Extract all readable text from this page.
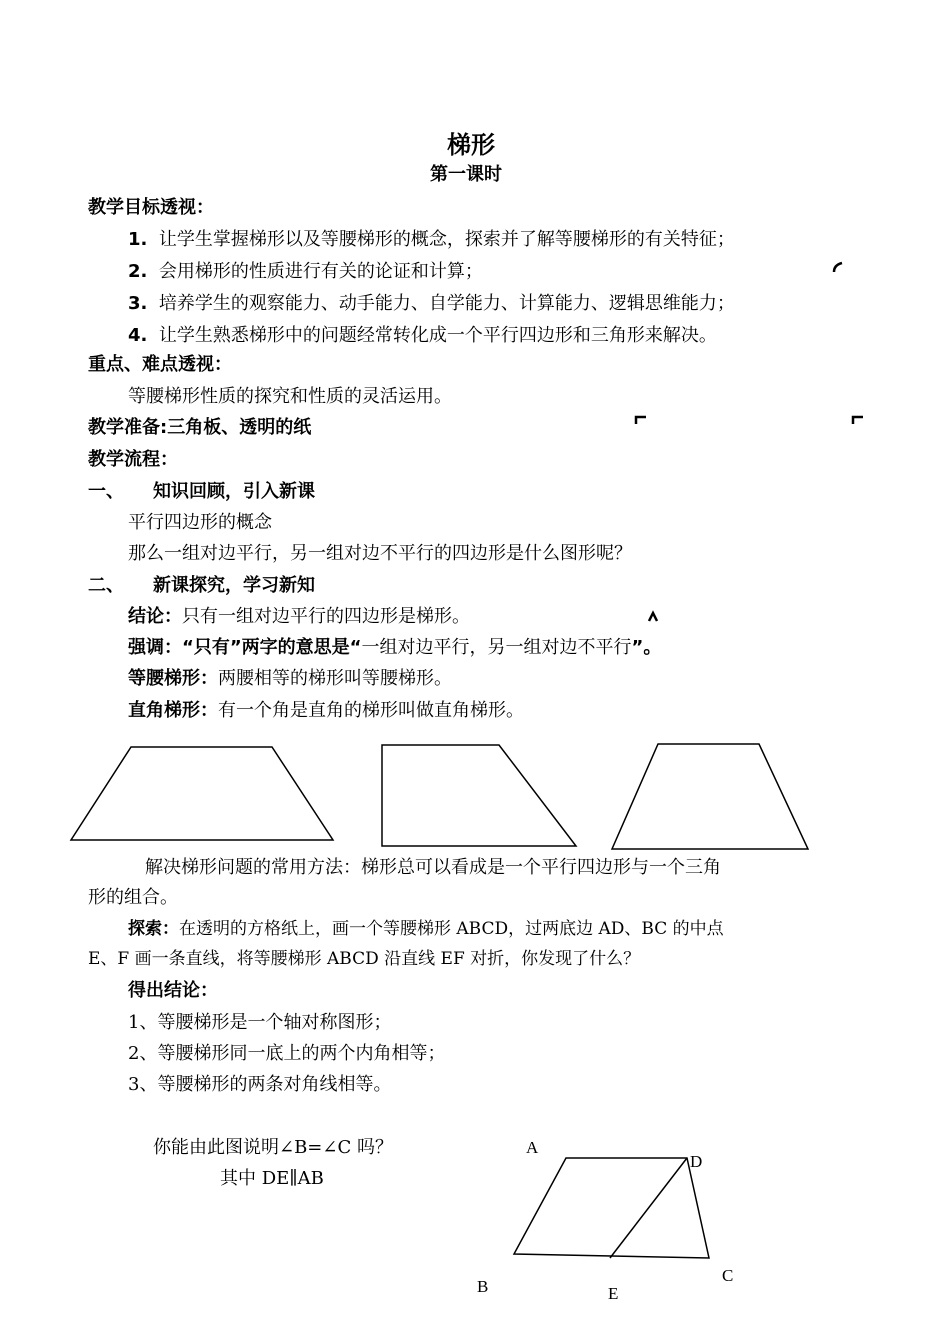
梯形
第一课时
教学目标透视：
1. 让学生掌握梯形以及等腰梯形的概念，探索并了解等腰梯形的有关特征；
2. 会用梯形的性质进行有关的论证和计算；
3. 培养学生的观察能力、动手能力、自学能力、计算能力、逻辑思维能力；
4. 让学生熟悉梯形中的问题经常转化成一个平行四边形和三角形来解决。
重点、难点透视：
等腰梯形性质的探究和性质的灵活运用。
教学准备:三角板、透明的纸
教学流程：
一、 知识回顾，引入新课
平行四边形的概念
那么一组对边平行，另一组对边不平行的四边形是什么图形呢？
二、 新课探究，学习新知
结论：只有一组对边平行的四边形是梯形。
强调：“只有”两字的意思是“一组对边平行，另一组对边不平行”。
等腰梯形：两腰相等的梯形叫等腰梯形。
直角梯形：有一个角是直角的梯形叫做直角梯形。
解决梯形问题的常用方法：梯形总可以看成是一个平行四边形与一个三角
形的组合。
探索：在透明的方格纸上，画一个等腰梯形 ABCD，过两底边 AD、BC 的中点
E、F 画一条直线，将等腰梯形 ABCD 沿直线 EF 对折，你发现了什么？
得出结论：
1、等腰梯形是一个轴对称图形；
2、等腰梯形同一底上的两个内角相等；
3、等腰梯形的两条对角线相等。
你能由此图说明∠B=∠C 吗？
其中 DE∥AB
A
D
C
B	E
